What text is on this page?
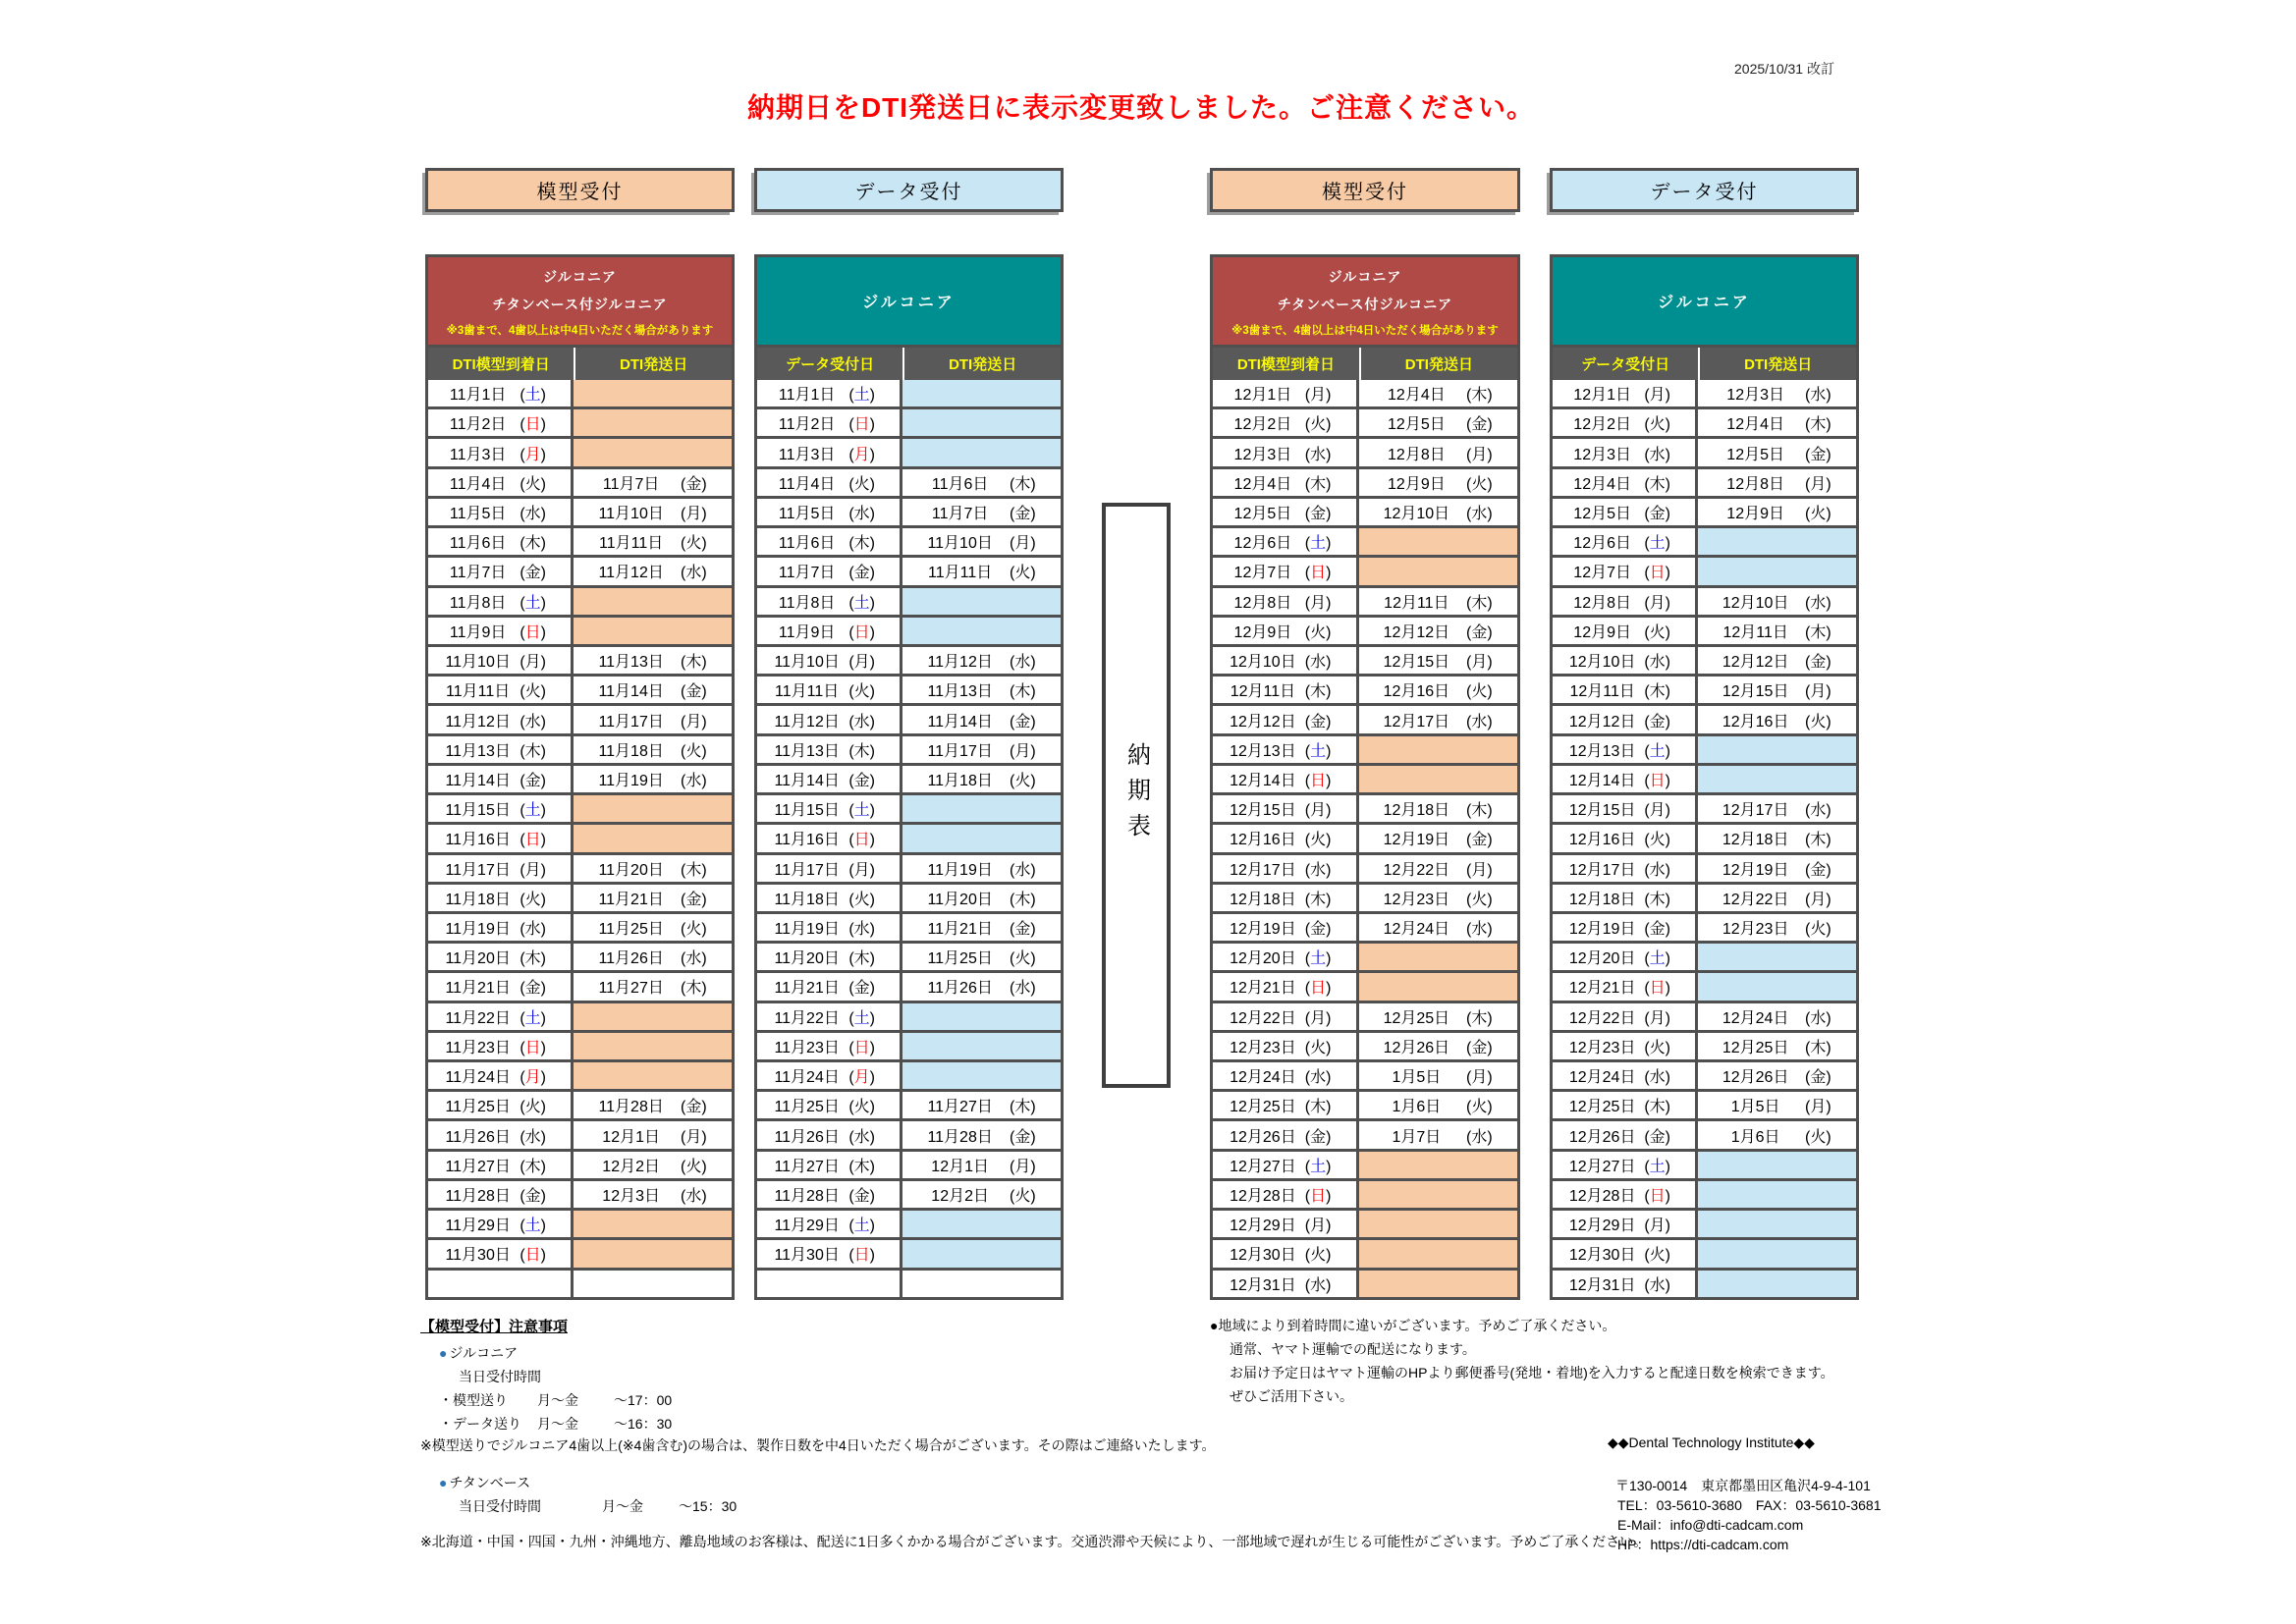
2025/10/31 改訂
納期日をDTI発送日に表示変更致しました。ご注意ください。
模型受付
ジルコニア
チタンベース付ジルコニア
※3歯まで、4歯以上は中4日いただく場合があります
DTI模型到着日	DTI発送日
11月1日 (土)
11月2日 (日)
11月3日 (月)
11月4日 (火)	11月7日	(金)
11月5日 (水)	11月10日	(月)
11月6日 (木)	11月11日	(火)
11月7日 (金)	11月12日	(水)
11月8日 (土)
11月9日 (日)
11月10日 (月)	11月13日	(木)
11月11日 (火)	11月14日	(金)
11月12日 (水)	11月17日	(月)
11月13日 (木)	11月18日	(火)
11月14日 (金)	11月19日	(水)
11月15日 (土)
11月16日 (日)
11月17日 (月)	11月20日	(木)
11月18日 (火)	11月21日	(金)
11月19日 (水)	11月25日	(火)
11月20日 (木)	11月26日	(水)
11月21日 (金)	11月27日	(木)
11月22日 (土)
11月23日 (日)
11月24日 (月)
11月25日 (火)	11月28日	(金)
11月26日 (水)	12月1日	(月)
11月27日 (木)	12月2日	(火)
11月28日 (金)	12月3日	(水)
11月29日 (土)
11月30日 (日)
データ受付
ジルコニア
データ受付日	DTI発送日
11月1日 (土)
11月2日 (日)
11月3日 (月)
11月4日 (火)	11月6日	(木)
11月5日 (水)	11月7日	(金)
11月6日 (木)	11月10日	(月)
11月7日 (金)	11月11日	(火)
11月8日 (土)
11月9日 (日)
11月10日 (月)	11月12日	(水)
11月11日 (火)	11月13日	(木)
11月12日 (水)	11月14日	(金)
11月13日 (木)	11月17日	(月)
11月14日 (金)	11月18日	(火)
11月15日 (土)
11月16日 (日)
11月17日 (月)	11月19日	(水)
11月18日 (火)	11月20日	(木)
11月19日 (水)	11月21日	(金)
11月20日 (木)	11月25日	(火)
11月21日 (金)	11月26日	(水)
11月22日 (土)
11月23日 (日)
11月24日 (月)
11月25日 (火)	11月27日	(木)
11月26日 (水)	11月28日	(金)
11月27日 (木)	12月1日	(月)
11月28日 (金)	12月2日	(火)
11月29日 (土)
11月30日 (日)
模型受付
ジルコニア
チタンベース付ジルコニア
※3歯まで、4歯以上は中4日いただく場合があります
DTI模型到着日	DTI発送日
12月1日 (月)	12月4日	(木)
12月2日 (火)	12月5日	(金)
12月3日 (水)	12月8日	(月)
12月4日 (木)	12月9日	(火)
12月5日 (金)	12月10日	(水)
12月6日 (土)
12月7日 (日)
12月8日 (月)	12月11日	(木)
12月9日 (火)	12月12日	(金)
12月10日 (水)	12月15日	(月)
12月11日 (木)	12月16日	(火)
12月12日 (金)	12月17日	(水)
12月13日 (土)
12月14日 (日)
12月15日 (月)	12月18日	(木)
12月16日 (火)	12月19日	(金)
12月17日 (水)	12月22日	(月)
12月18日 (木)	12月23日	(火)
12月19日 (金)	12月24日	(水)
12月20日 (土)
12月21日 (日)
12月22日 (月)	12月25日	(木)
12月23日 (火)	12月26日	(金)
12月24日 (水)	1月5日	(月)
12月25日 (木)	1月6日	(火)
12月26日 (金)	1月7日	(水)
12月27日 (土)
12月28日 (日)
12月29日 (月)
12月30日 (火)
12月31日 (水)
データ受付
ジルコニア
データ受付日	DTI発送日
12月1日 (月)	12月3日	(水)
12月2日 (火)	12月4日	(木)
12月3日 (水)	12月5日	(金)
12月4日 (木)	12月8日	(月)
12月5日 (金)	12月9日	(火)
12月6日 (土)
12月7日 (日)
12月8日 (月)	12月10日	(水)
12月9日 (火)	12月11日	(木)
12月10日 (水)	12月12日	(金)
12月11日 (木)	12月15日	(月)
12月12日 (金)	12月16日	(火)
12月13日 (土)
12月14日 (日)
12月15日 (月)	12月17日	(水)
12月16日 (火)	12月18日	(木)
12月17日 (水)	12月19日	(金)
12月18日 (木)	12月22日	(月)
12月19日 (金)	12月23日	(火)
12月20日 (土)
12月21日 (日)
12月22日 (月)	12月24日	(水)
12月23日 (火)	12月25日	(木)
12月24日 (水)	12月26日	(金)
12月25日 (木)	1月5日	(月)
12月26日 (金)	1月6日	(火)
12月27日 (土)
12月28日 (日)
12月29日 (月)
12月30日 (火)
12月31日 (水)
納期表
【模型受付】注意事項
● ジルコニア
当日受付時間
・模型送り 月～金	～17：00
・データ送り 月～金	～16：30
※模型送りでジルコニア4歯以上(※4歯含む)の場合は、製作日数を中4日いただく場合がございます。その際はご連絡いたします。
● チタンベース
当日受付時間	月～金	～15：30
※北海道・中国・四国・九州・沖縄地方、離島地域のお客様は、配送に1日多くかかる場合がございます。交通渋滞や天候により、一部地域で遅れが生じる可能性がございます。予めご了承ください。
●地域により到着時間に違いがございます。予めご了承ください。
通常、ヤマト運輸での配送になります。
お届け予定日はヤマト運輸のHPより郵便番号(発地・着地)を入力すると配達日数を検索できます。
ぜひご活用下さい。
◆◆Dental Technology Institute◆◆
〒130-0014　東京都墨田区亀沢4-9-4-101
TEL：03-5610-3680　FAX：03-5610-3681
E-Mail：info@dti-cadcam.com
HP：https://dti-cadcam.com
